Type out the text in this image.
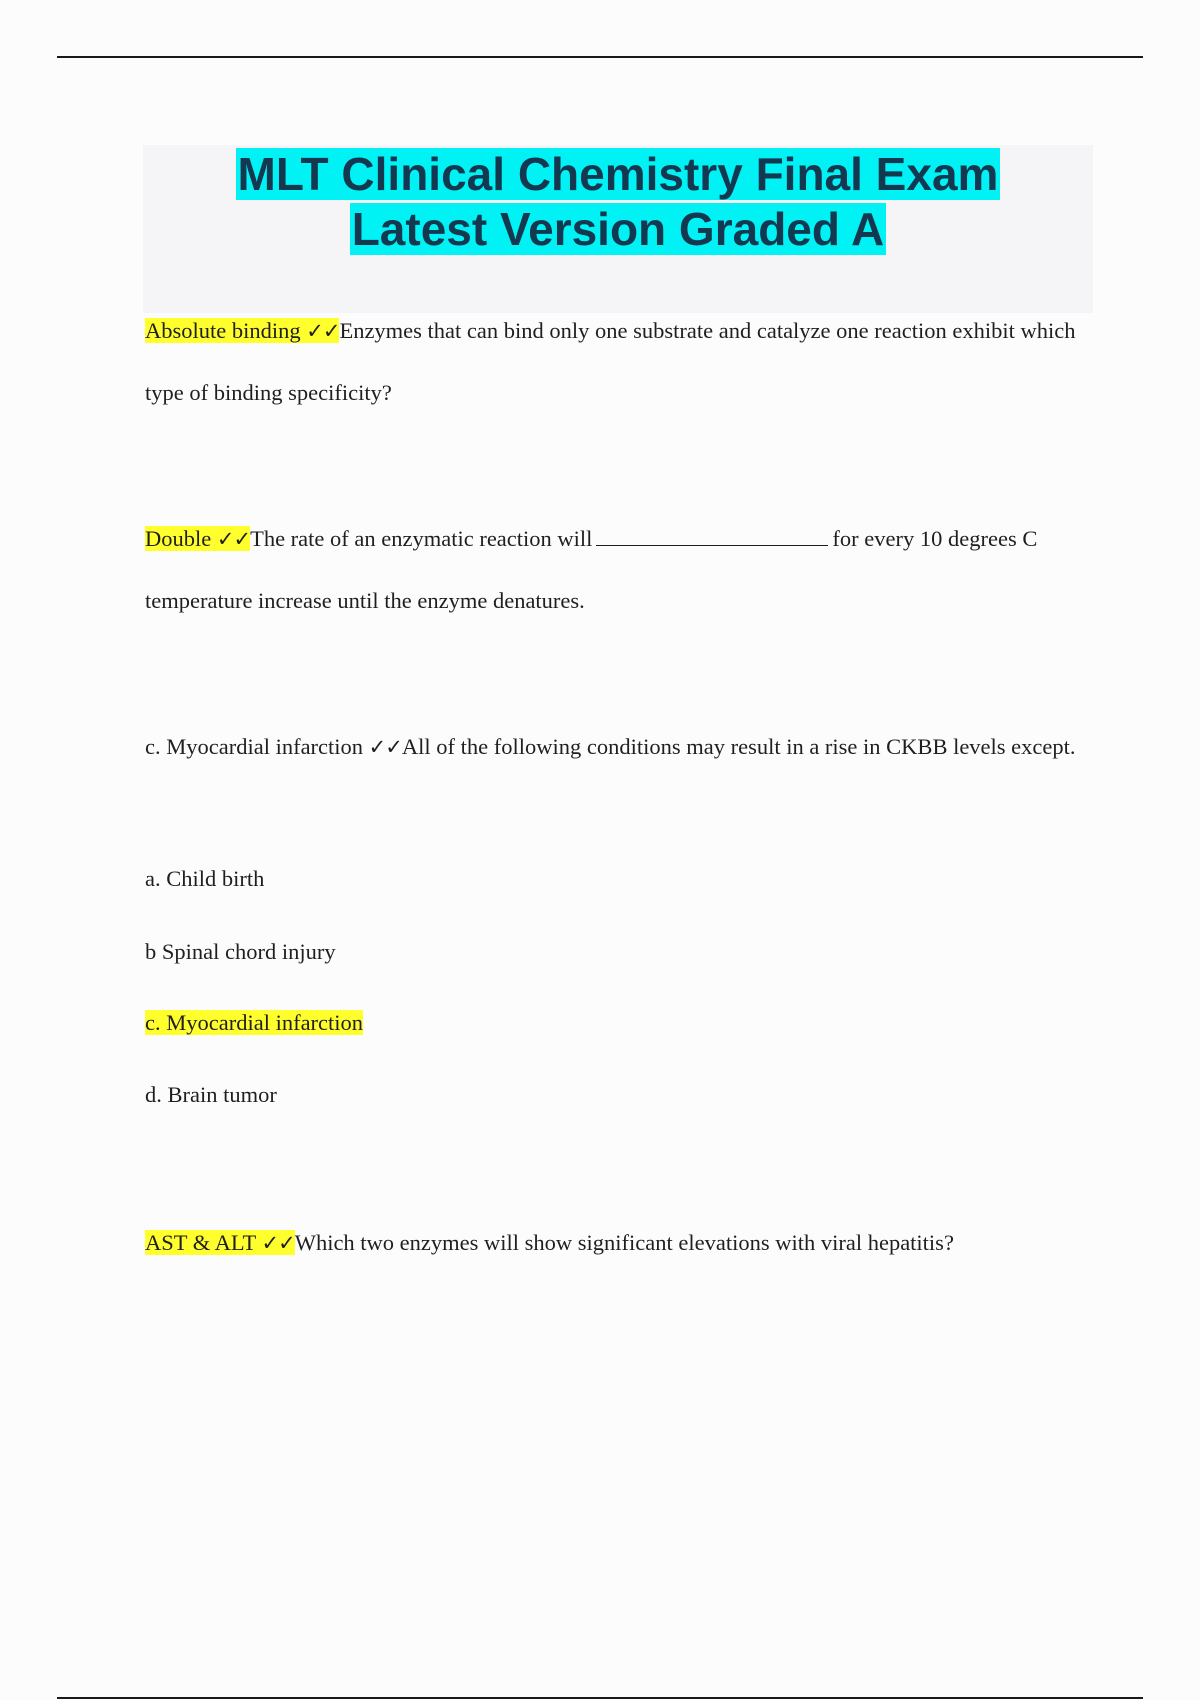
MLT Clinical Chemistry Final Exam
Latest Version Graded A

Absolute binding ✓✓Enzymes that can bind only one substrate and catalyze one reaction exhibit which type of binding specificity?

Double ✓✓The rate of an enzymatic reaction will	for every 10 degrees C temperature increase until the enzyme denatures.

c. Myocardial infarction ✓✓All of the following conditions may result in a rise in CKBB levels except.

a. Child birth

b Spinal chord injury

c. Myocardial infarction

d. Brain tumor

AST & ALT ✓✓Which two enzymes will show significant elevations with viral hepatitis?
